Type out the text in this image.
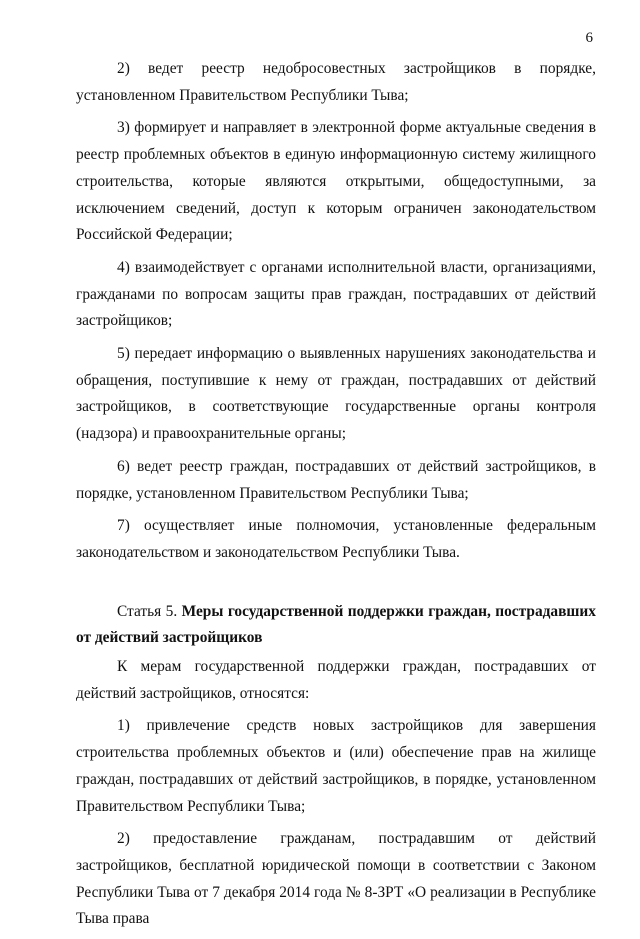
6

2) ведет реестр недобросовестных застройщиков в порядке, установленном Правительством Республики Тыва;

3) формирует и направляет в электронной форме актуальные сведения в реестр проблемных объектов в единую информационную систему жилищного строительства, которые являются открытыми, общедоступными, за исключением сведений, доступ к которым ограничен законодательством Российской Федерации;

4) взаимодействует с органами исполнительной власти, организациями, гражданами по вопросам защиты прав граждан, пострадавших от действий застройщиков;

5) передает информацию о выявленных нарушениях законодательства и обращения, поступившие к нему от граждан, пострадавших от действий застройщиков, в соответствующие государственные органы контроля (надзора) и правоохранительные органы;

6) ведет реестр граждан, пострадавших от действий застройщиков, в порядке, установленном Правительством Республики Тыва;

7) осуществляет иные полномочия, установленные федеральным законодательством и законодательством Республики Тыва.

Статья 5. Меры государственной поддержки граждан, пострадавших от действий застройщиков

К мерам государственной поддержки граждан, пострадавших от действий застройщиков, относятся:

1) привлечение средств новых застройщиков для завершения строительства проблемных объектов и (или) обеспечение прав на жилище граждан, пострадавших от действий застройщиков, в порядке, установленном Правительством Республики Тыва;

2) предоставление гражданам, пострадавшим от действий застройщиков, бесплатной юридической помощи в соответствии с Законом Республики Тыва от 7 декабря 2014 года № 8-ЗРТ «О реализации в Республике Тыва права
